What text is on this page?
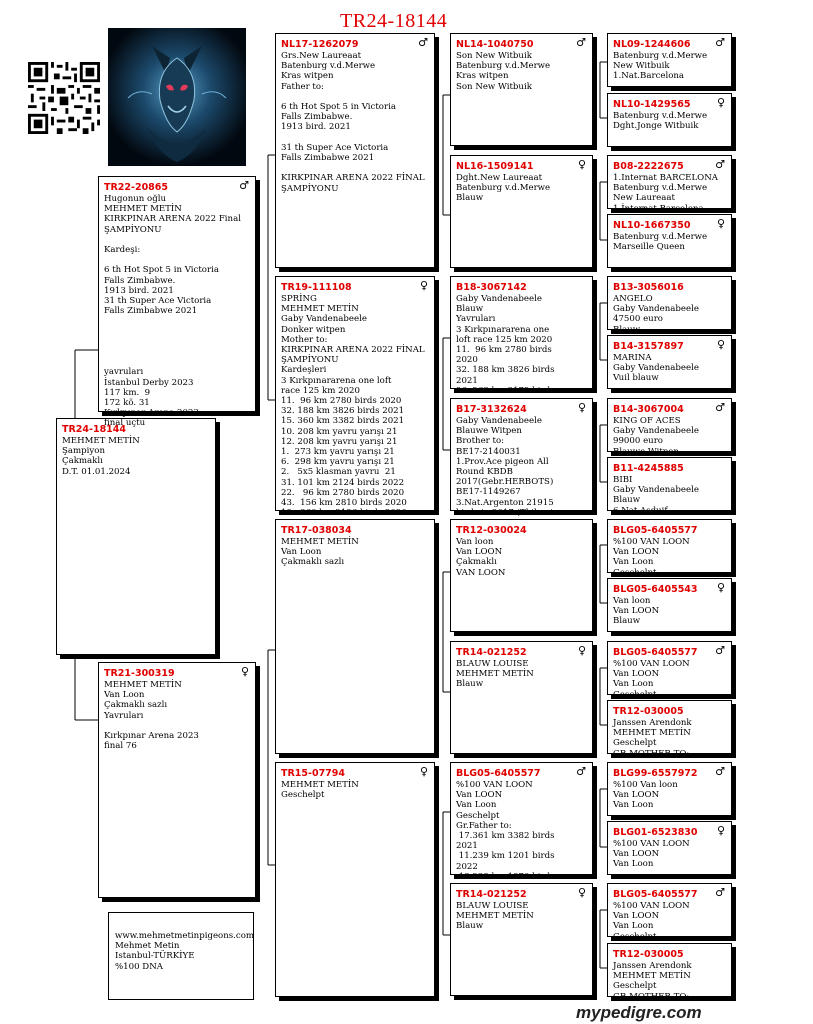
TR24-18144
TR24-18144
MEHMET METİN
Şampiyon
Çakmaklı
D.T. 01.01.2024
TR22-20865	♂
Hugonun oğlu
MEHMET METİN
KIRKPINAR ARENA 2022 Final
ŞAMPİYONU

Kardeşi:

6 th Hot Spot 5 in Victoria
Falls Zimbabwe.
1913 bird. 2021
31 th Super Ace Victoria
Falls Zimbabwe 2021

yavruları
İstanbul Derby 2023
117 km.  9
172 kö. 31
Kırkpınar Arena 2023
final uçtu
TR21-300319	♀
MEHMET METİN
Van Loon
Çakmaklı sazlı
Yavruları

Kırkpınar Arena 2023
final 76
NL17-1262079	♂
Grs.New Laureaat
Batenburg v.d.Merwe
Kras witpen
Father to:

6 th Hot Spot 5 in Victoria
Falls Zimbabwe.
1913 bird. 2021

31 th Super Ace Victoria
Falls Zimbabwe 2021

KIRKPINAR ARENA 2022 FİNAL
ŞAMPİYONU
TR19-111108	♀
SPRİNG
MEHMET METİN
Gaby Vandenabeele
Donker witpen
Mother to:
KIRKPINAR ARENA 2022 FİNAL
ŞAMPİYONU
Kardeşleri
3 Kırkpınararena one loft
race 125 km 2020
11.  96 km 2780 birds 2020
32. 188 km 3826 birds 2021
15. 360 km 3382 birds 2021
10. 208 km yavru yarışı 21
12. 208 km yavru yarışı 21
1.  273 km yavru yarışı 21
6.  298 km yavru yarışı 21
2.   5x5 klasman yavru  21
31. 101 km 2124 birds 2022
22.   96 km 2780 birds 2020
43.  156 km 2810 birds 2020
19.  360 km 2136 birds 2020
TR17-038034
MEHMET METİN
Van Loon
Çakmaklı sazlı
TR15-07794	♀
MEHMET METİN
Geschelpt
NL14-1040750	♂
Son New Witbuik
Batenburg v.d.Merwe
Kras witpen
Son New Witbuik
NL16-1509141	♀
Dght.New Laureaat
Batenburg v.d.Merwe
Blauw
B18-3067142
Gaby Vandenabeele
Blauw
Yavruları
3 Kırkpınararena one
loft race 125 km 2020
11.  96 km 2780 birds
2020
32. 188 km 3826 birds
2021
96. 263 km 3172 birds
B17-3132624	♀
Gaby Vandenabeele
Blauwe Witpen
Brother to:
BE17-2140031
1.Prov.Ace pigeon All
Round KBDB
2017(Gebr.HERBOTS)
BE17-1149267
3.Nat.Argenton 21915
birds in 2017 (Thibaut-
TR12-030024
Van loon
Van LOON
Çakmaklı
VAN LOON
TR14-021252	♀
BLAUW LOUISE
MEHMET METİN
Blauw
BLG05-6405577	♂
%100 VAN LOON
Van LOON
Van Loon
Geschelpt
Gr.Father to:
17.361 km 3382 birds
2021
11.239 km 1201 birds
2022
13.239 km 1970 birds
TR14-021252	♀
BLAUW LOUISE
MEHMET METİN
Blauw
NL09-1244606	♂
Batenburg v.d.Merwe
New Witbuik
1.Nat.Barcelona
NL10-1429565	♀
Batenburg v.d.Merwe
Dght.Jonge Witbuik
B08-2222675	♂
1.Internat BARCELONA
Batenburg v.d.Merwe
New Laureaat
1.İnternat Barcelona
NL10-1667350	♀
Batenburg v.d.Merwe
Marseille Queen
B13-3056016
ANGELO
Gaby Vandenabeele
47500 euro
Blauw
B14-3157897	♀
MARINA
Gaby Vandenabeele
Vuil blauw
B14-3067004	♂
KING OF ACES
Gaby Vandenabeele
99000 euro
Blauwe Witpen
B11-4245885
BIBI
Gaby Vandenabeele
Blauw
6.Nat.Asduif
BLG05-6405577
%100 VAN LOON
Van LOON
Van Loon
Geschelpt
BLG05-6405543	♀
Van loon
Van LOON
Blauw
BLG05-6405577	♂
%100 VAN LOON
Van LOON
Van Loon
Geschelpt
TR12-030005
Janssen Arendonk
MEHMET METİN
Geschelpt
GR.MOTHER TO:
BLG99-6557972	♂
%100 Van loon
Van LOON
Van Loon
BLG01-6523830	♀
%100 VAN LOON
Van LOON
Van Loon
BLG05-6405577	♂
%100 VAN LOON
Van LOON
Van Loon
Geschelpt
TR12-030005
Janssen Arendonk
MEHMET METİN
Geschelpt
GR.MOTHER TO:
www.mehmetmetinpigeons.com
Mehmet Metin
Istanbul-TÜRKİYE
%100 DNA
mypedigre.com
